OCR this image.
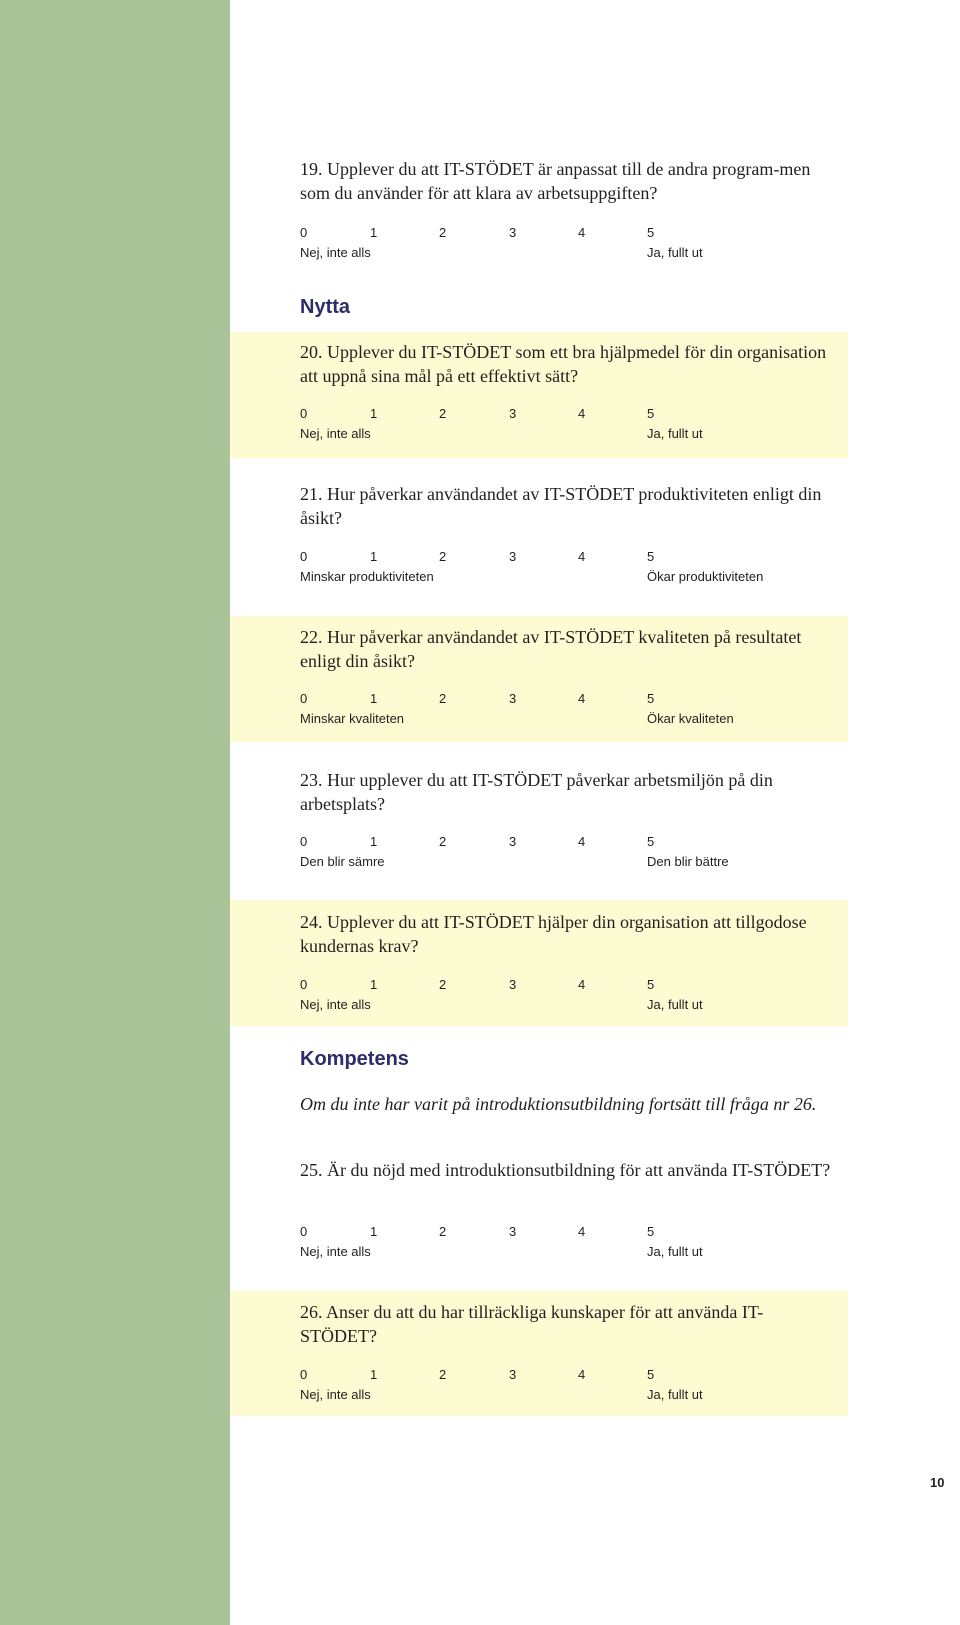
19. Upplever du att IT-STÖDET är anpassat till de andra program-men som du använder för att klara av arbetsuppgiften?

0	1	2	3	4	5
Nej, inte alls	Ja, fullt ut
Nytta

20. Upplever du IT-STÖDET som ett bra hjälpmedel för din organisation att uppnå sina mål på ett effektivt sätt?

0	1	2	3	4	5
Nej, inte alls	Ja, fullt ut

21. Hur påverkar användandet av IT-STÖDET produktiviteten enligt din åsikt?

0	1	2	3	4	5
Minskar produktiviteten	Ökar produktiviteten

22. Hur påverkar användandet av IT-STÖDET kvaliteten på resultatet enligt din åsikt?

0	1	2	3	4	5
Minskar kvaliteten	Ökar kvaliteten

23. Hur upplever du att IT-STÖDET påverkar arbetsmiljön på din arbetsplats?

0	1	2	3	4	5
Den blir sämre	Den blir bättre

24. Upplever du att IT-STÖDET hjälper din organisation att tillgodose kundernas krav?

0	1	2	3	4	5
Nej, inte alls	Ja, fullt ut
Kompetens

Om du inte har varit på introduktionsutbildning fortsätt till fråga nr 26.

25. Är du nöjd med introduktionsutbildning för att använda IT-STÖDET?

0	1	2	3	4	5
Nej, inte alls	Ja, fullt ut

26. Anser du att du har tillräckliga kunskaper för att använda IT-STÖDET?

0	1	2	3	4	5
Nej, inte alls	Ja, fullt ut

10
